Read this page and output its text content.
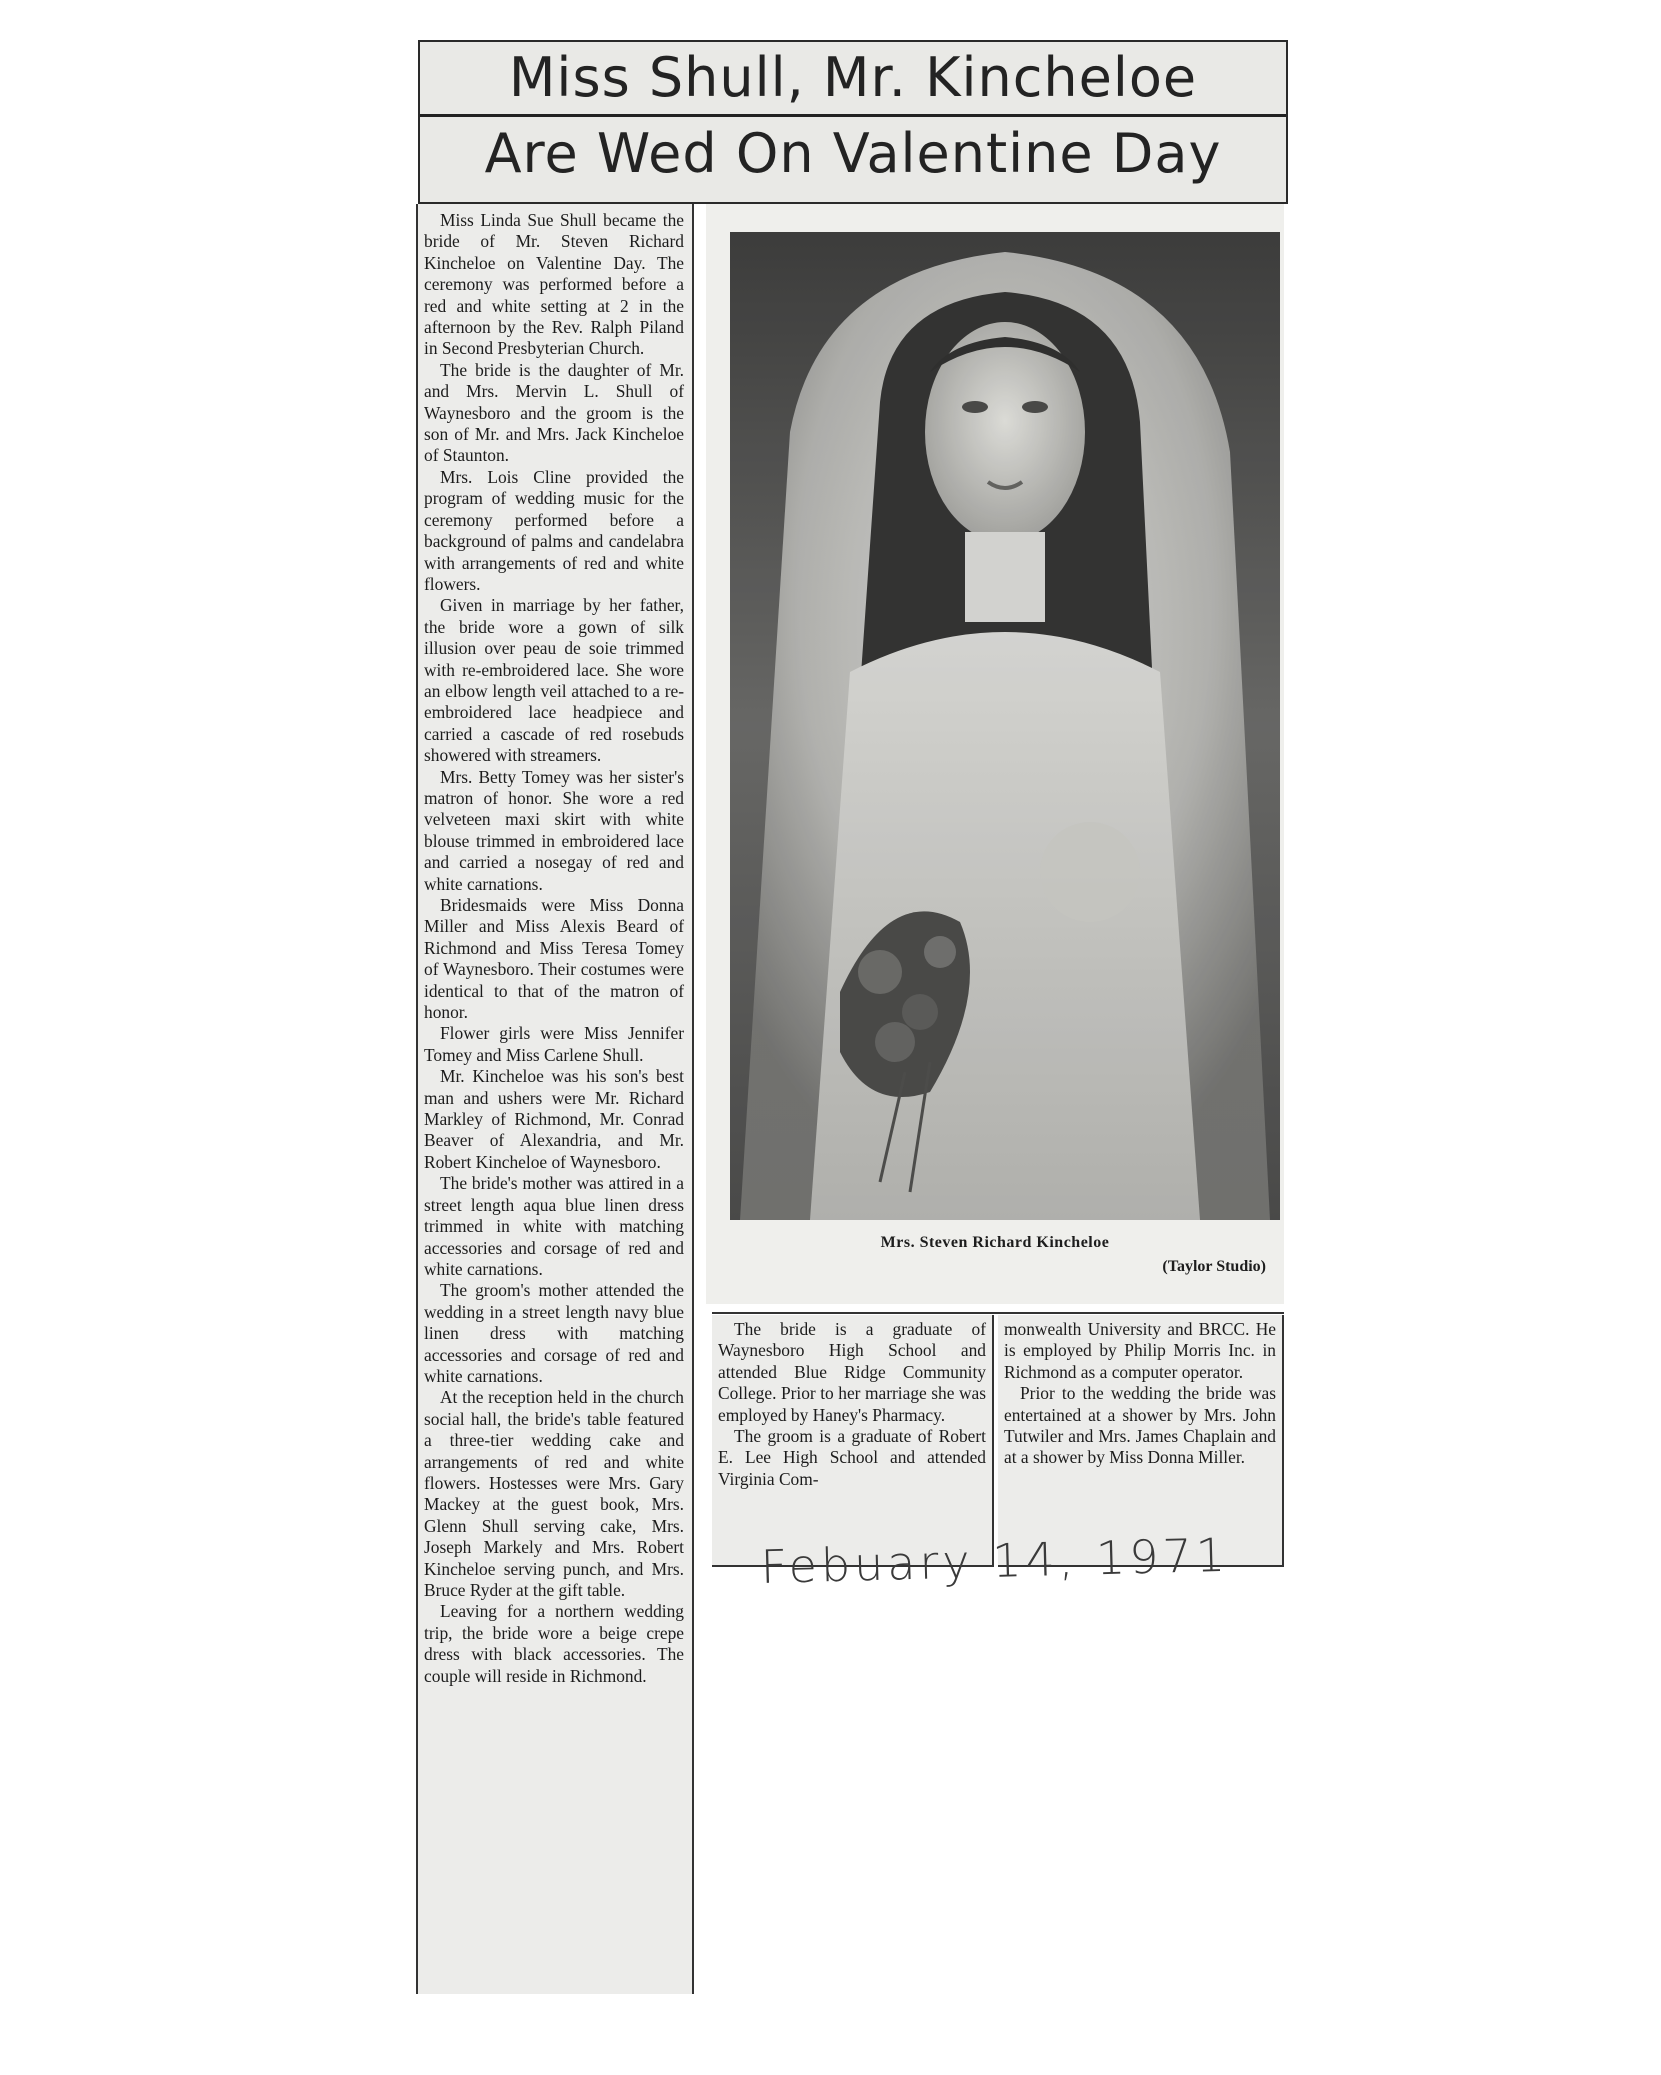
Miss Shull, Mr. Kincheloe
Are Wed On Valentine Day

Miss Linda Sue Shull became the bride of Mr. Steven Richard Kincheloe on Valentine Day. The ceremony was performed before a red and white setting at 2 in the afternoon by the Rev. Ralph Piland in Second Presbyterian Church.

The bride is the daughter of Mr. and Mrs. Mervin L. Shull of Waynesboro and the groom is the son of Mr. and Mrs. Jack Kincheloe of Staunton.

Mrs. Lois Cline provided the program of wedding music for the ceremony performed before a background of palms and candelabra with arrangements of red and white flowers.

Given in marriage by her father, the bride wore a gown of silk illusion over peau de soie trimmed with re-embroidered lace. She wore an elbow length veil attached to a re-embroidered lace headpiece and carried a cascade of red rosebuds showered with streamers.

Mrs. Betty Tomey was her sister's matron of honor. She wore a red velveteen maxi skirt with white blouse trimmed in embroidered lace and carried a nosegay of red and white carnations.

Bridesmaids were Miss Donna Miller and Miss Alexis Beard of Richmond and Miss Teresa Tomey of Waynesboro. Their costumes were identical to that of the matron of honor.

Flower girls were Miss Jennifer Tomey and Miss Carlene Shull.

Mr. Kincheloe was his son's best man and ushers were Mr. Richard Markley of Richmond, Mr. Conrad Beaver of Alexandria, and Mr. Robert Kincheloe of Waynesboro.

The bride's mother was attired in a street length aqua blue linen dress trimmed in white with matching accessories and corsage of red and white carnations.

The groom's mother attended the wedding in a street length navy blue linen dress with matching accessories and corsage of red and white carnations.

At the reception held in the church social hall, the bride's table featured a three-tier wedding cake and arrangements of red and white flowers. Hostesses were Mrs. Gary Mackey at the guest book, Mrs. Glenn Shull serving cake, Mrs. Joseph Markely and Mrs. Robert Kincheloe serving punch, and Mrs. Bruce Ryder at the gift table.

Leaving for a northern wedding trip, the bride wore a beige crepe dress with black accessories. The couple will reside in Richmond.

Mrs. Steven Richard Kincheloe
(Taylor Studio)

The bride is a graduate of Waynesboro High School and attended Blue Ridge Community College. Prior to her marriage she was employed by Haney's Pharmacy.

The groom is a graduate of Robert E. Lee High School and attended Virginia Com-

monwealth University and BRCC. He is employed by Philip Morris Inc. in Richmond as a computer operator.

Prior to the wedding the bride was entertained at a shower by Mrs. John Tutwiler and Mrs. James Chaplain and at a shower by Miss Donna Miller.

Febuary 14, 1971
